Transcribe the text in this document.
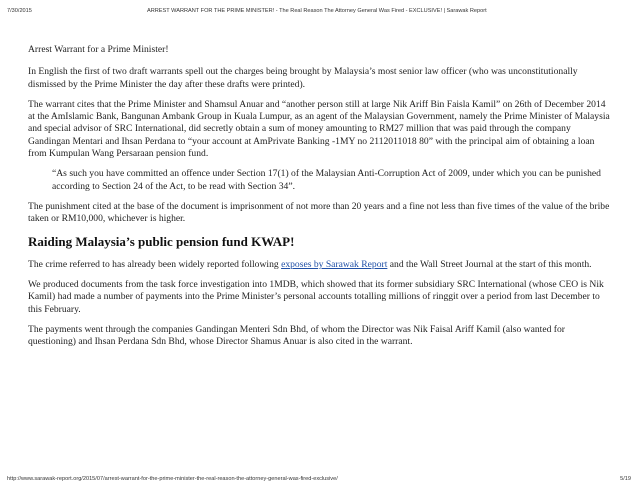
7/30/2015	ARREST WARRANT FOR THE PRIME MINISTER! - The Real Reason The Attorney General Was Fired - EXCLUSIVE! | Sarawak Report

Arrest Warrant for a Prime Minister!

In English the first of two draft warrants spell out the charges being brought by Malaysia’s most senior law officer (who was unconstitutionally dismissed by the Prime Minister the day after these drafts were printed).

The warrant cites that the Prime Minister and Shamsul Anuar and “another person still at large Nik Ariff Bin Faisla Kamil” on 26th of December 2014 at the AmIslamic Bank, Bangunan Ambank Group in Kuala Lumpur, as an agent of the Malaysian Government, namely the Prime Minister of Malaysia and special advisor of SRC International, did secretly obtain a sum of money amounting to RM27 million that was paid through the company Gandingan Mentari and Ihsan Perdana to “your account at AmPrivate Banking -1MY no 2112011018 80” with the principal aim of obtaining a loan from Kumpulan Wang Persaraan pension fund.

“As such you have committed an offence under Section 17(1) of the Malaysian Anti-Corruption Act of 2009, under which you can be punished according to Section 24 of the Act, to be read with Section 34”.

The punishment cited at the base of the document is imprisonment of not more than 20 years and a fine not less than five times of the value of the bribe taken or RM10,000, whichever is higher.

Raiding Malaysia’s public pension fund KWAP!

The crime referred to has already been widely reported following exposes by Sarawak Report and the Wall Street Journal at the start of this month.

We produced documents from the task force investigation into 1MDB, which showed that its former subsidiary SRC International (whose CEO is Nik Kamil) had made a number of payments into the Prime Minister’s personal accounts totalling millions of ringgit over a period from last December to this February.

The payments went through the companies Gandingan Menteri Sdn Bhd, of whom the Director was Nik Faisal Ariff Kamil (also wanted for questioning) and Ihsan Perdana Sdn Bhd, whose Director Shamus Anuar is also cited in the warrant.

http://www.sarawak-report.org/2015/07/arrest-warrant-for-the-prime-minister-the-real-reason-the-attorney-general-was-fired-exclusive/	5/19
